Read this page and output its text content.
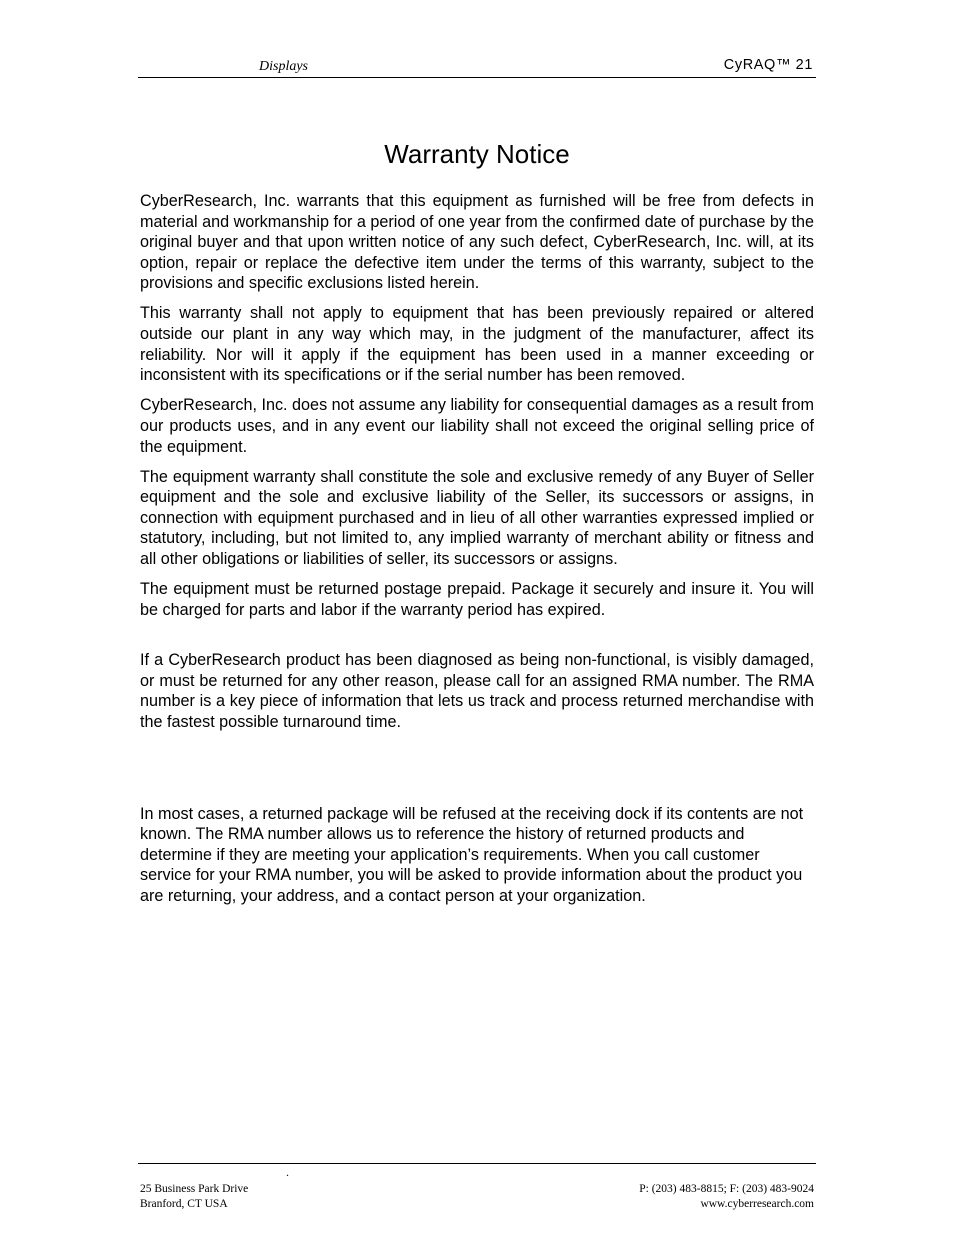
Displays	CyRAQ™ 21
Warranty Notice

CyberResearch, Inc. warrants that this equipment as furnished will be free from defects in material and workmanship for a period of one year from the confirmed date of purchase by the original buyer and that upon written notice of any such defect, CyberResearch, Inc. will, at its option, repair or replace the defective item under the terms of this warranty, subject to the provisions and specific exclusions listed herein.

This warranty shall not apply to equipment that has been previously repaired or altered outside our plant in any way which may, in the judgment of the manufacturer, affect its reliability. Nor will it apply if the equipment has been used in a manner exceeding or inconsistent with its specifications or if the serial number has been removed.

CyberResearch, Inc. does not assume any liability for consequential damages as a result from our products uses, and in any event our liability shall not exceed the original selling price of the equipment.

The equipment warranty shall constitute the sole and exclusive remedy of any Buyer of Seller equipment and the sole and exclusive liability of the Seller, its successors or assigns, in connection with equipment purchased and in lieu of all other warranties expressed implied or statutory, including, but not limited to, any implied warranty of merchant ability or fitness and all other obligations or liabilities of seller, its successors or assigns.

The equipment must be returned postage prepaid. Package it securely and insure it. You will be charged for parts and labor if the warranty period has expired.

If a CyberResearch product has been diagnosed as being non-functional, is visibly damaged, or must be returned for any other reason, please call for an assigned RMA number. The RMA number is a key piece of information that lets us track and process returned merchandise with the fastest possible turnaround time.

In most cases, a returned package will be refused at the receiving dock if its contents are not known. The RMA number allows us to reference the history of returned products and determine if they are meeting your application’s requirements. When you call customer service for your RMA number, you will be asked to provide information about the product you are returning, your address, and a contact person at your organization.

.
25 Business Park Drive
Branford, CT USA
P: (203) 483-8815; F: (203) 483-9024
www.cyberresearch.com
